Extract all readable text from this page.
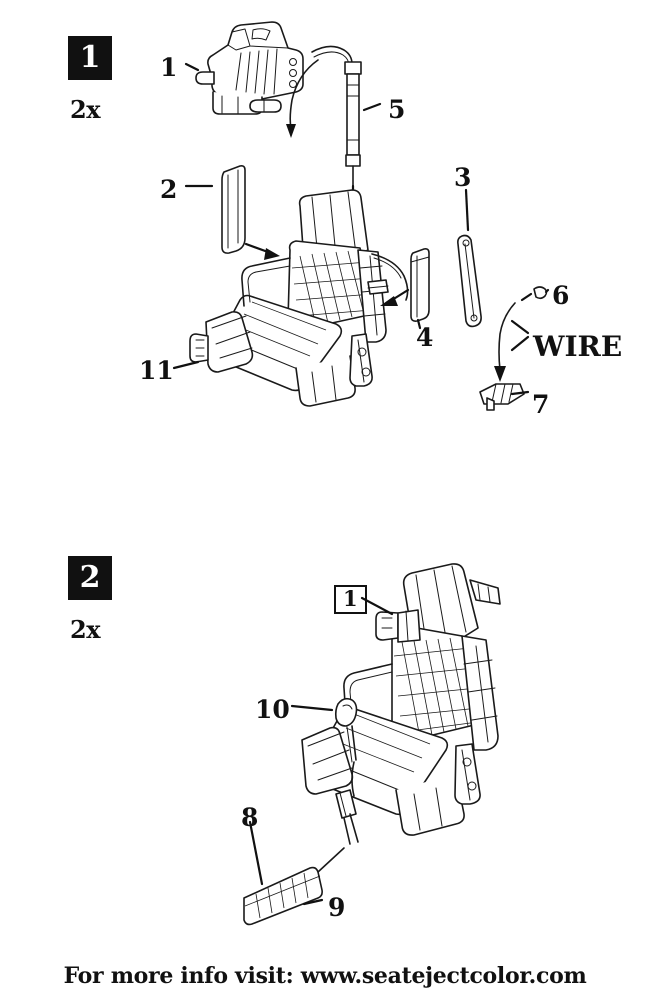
1
2x
2
2x
1
5
2	3
6
4
11
7
WIRE
1
10
8
9
For more info visit: www.seatejectcolor.com
